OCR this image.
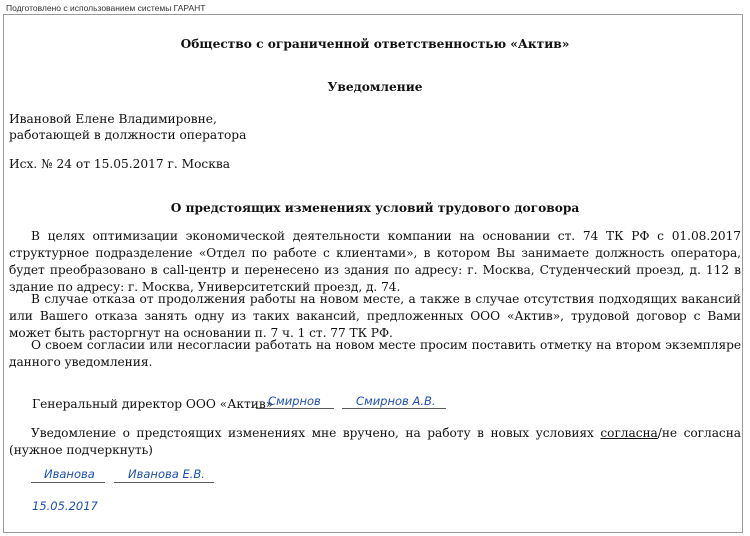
Подготовлено с использованием системы ГАРАНТ
Общество с ограниченной ответственностью «Актив»
Уведомление
Ивановой Елене Владимировне,
работающей в должности оператора
Исх. № 24 от 15.05.2017 г. Москва
О предстоящих изменениях условий трудового договора
В целях оптимизации экономической деятельности компании на основании ст. 74 ТК РФ с 01.08.2017 структурное подразделение «Отдел по работе с клиентами», в котором Вы занимаете должность оператора, будет преобразовано в call-центр и перенесено из здания по адресу: г. Москва, Студенческий проезд, д. 112 в здание по адресу: г. Москва, Университетский проезд, д. 74.
В случае отказа от продолжения работы на новом месте, а также в случае отсутствия подходящих вакансий или Вашего отказа занять одну из таких вакансий, предложенных ООО «Актив», трудовой договор с Вами может быть расторгнут на основании п. 7 ч. 1 ст. 77 ТК РФ.
О своем согласии или несогласии работать на новом месте просим поставить отметку на втором экземпляре данного уведомления.
Генеральный директор ООО «Актив»
Смирнов	Смирнов А.В.
Уведомление о предстоящих изменениях мне вручено, на работу в новых условиях согласна/не согласна (нужное подчеркнуть)
Иванова	Иванова Е.В.
15.05.2017
